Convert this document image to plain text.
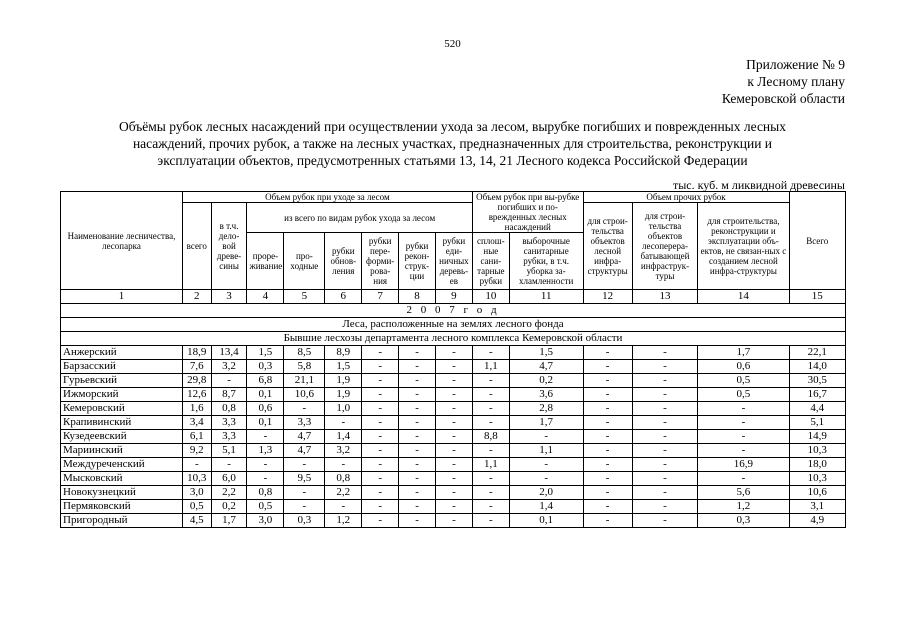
520
Приложение № 9
к Лесному плану
Кемеровской области
Объёмы рубок лесных насаждений при осуществлении ухода за лесом, вырубке погибших и поврежденных лесных
насаждений, прочих рубок, а также на лесных участках, предназначенных для строительства, реконструкции и
эксплуатации объектов, предусмотренных статьями 13, 14, 21 Лесного кодекса Российской Федерации
тыс. куб. м ликвидной древесины
Наименование лесничества, лесопарка	Объем рубок при уходе за лесом								Объем рубок при вы-рубке погибших и по-врежденных лесных насаждений		Объем прочих рубок			Всего
	всего	в т.ч. дело-вой древе-сины	из всего по видам рубок ухода за лесом								для строи-тельства объектов лесной инфра-структуры	для строи-тельства объектов лесоперера-батывающей инфраструк-туры	для строительства, реконструкции и эксплуатации объ-ектов, не связан-ных с созданием лесной инфра-структуры	
			проре-живание	про-ходные	рубки обнов-ления	рубки пере-форми-рова-ния	рубки рекон-струк-ции	рубки еди-ничных деревь-ев	сплош-ные сани-тарные рубки	выборочные санитарные рубки, в т.ч. уборка за-хламленности				
1	2	3	4	5	6	7	8	9	10	11	12	13	14	15
2 0 0 7 г о д														
Леса, расположенные на землях лесного фонда														
Бывшие лесхозы департамента лесного комплекса Кемеровской области														
Анжерский	18,9	13,4	1,5	8,5	8,9	-	-	-	-	1,5	-	-	1,7	22,1
Барзасский	7,6	3,2	0,3	5,8	1,5	-	-	-	1,1	4,7	-	-	0,6	14,0
Гурьевский	29,8	-	6,8	21,1	1,9	-	-	-	-	0,2	-	-	0,5	30,5
Ижморский	12,6	8,7	0,1	10,6	1,9	-	-	-	-	3,6	-	-	0,5	16,7
Кемеровский	1,6	0,8	0,6	-	1,0	-	-	-	-	2,8	-	-	-	4,4
Крапивинский	3,4	3,3	0,1	3,3	-	-	-	-	-	1,7	-	-	-	5,1
Кузедеевский	6,1	3,3	-	4,7	1,4	-	-	-	8,8	-	-	-	-	14,9
Мариинский	9,2	5,1	1,3	4,7	3,2	-	-	-	-	1,1	-	-	-	10,3
Междуреченский	-	-	-	-	-	-	-	-	1,1	-	-	-	16,9	18,0
Мысковский	10,3	6,0	-	9,5	0,8	-	-	-	-	-	-	-	-	10,3
Новокузнецкий	3,0	2,2	0,8	-	2,2	-	-	-	-	2,0	-	-	5,6	10,6
Пермяковский	0,5	0,2	0,5	-	-	-	-	-	-	1,4	-	-	1,2	3,1
Пригородный	4,5	1,7	3,0	0,3	1,2	-	-	-	-	0,1	-	-	0,3	4,9
